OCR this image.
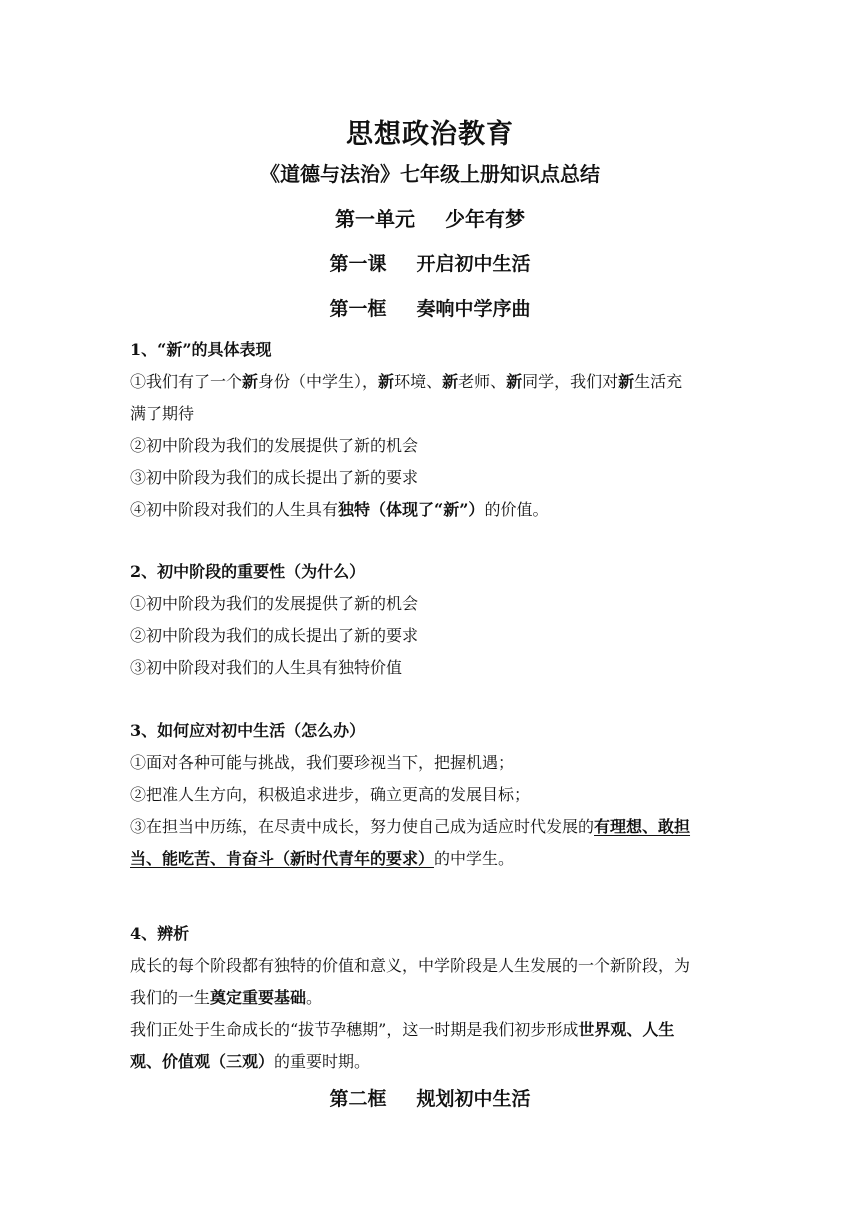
思想政治教育
《道德与法治》七年级上册知识点总结
第一单元 少年有梦
第一课 开启初中生活
第一框 奏响中学序曲
1、“新”的具体表现
①我们有了一个新身份（中学生），新环境、新老师、新同学，我们对新生活充
满了期待
②初中阶段为我们的发展提供了新的机会
③初中阶段为我们的成长提出了新的要求
④初中阶段对我们的人生具有独特（体现了“新”）的价值。
2、初中阶段的重要性（为什么）
①初中阶段为我们的发展提供了新的机会
②初中阶段为我们的成长提出了新的要求
③初中阶段对我们的人生具有独特价值
3、如何应对初中生活（怎么办）
①面对各种可能与挑战，我们要珍视当下，把握机遇；
②把准人生方向，积极追求进步，确立更高的发展目标；
③在担当中历练，在尽责中成长，努力使自己成为适应时代发展的有理想、敢担
当、能吃苦、肯奋斗（新时代青年的要求）的中学生。
4、辨析
成长的每个阶段都有独特的价值和意义，中学阶段是人生发展的一个新阶段，为
我们的一生奠定重要基础。
我们正处于生命成长的“拔节孕穗期”，这一时期是我们初步形成世界观、人生
观、价值观（三观）的重要时期。
第二框 规划初中生活
